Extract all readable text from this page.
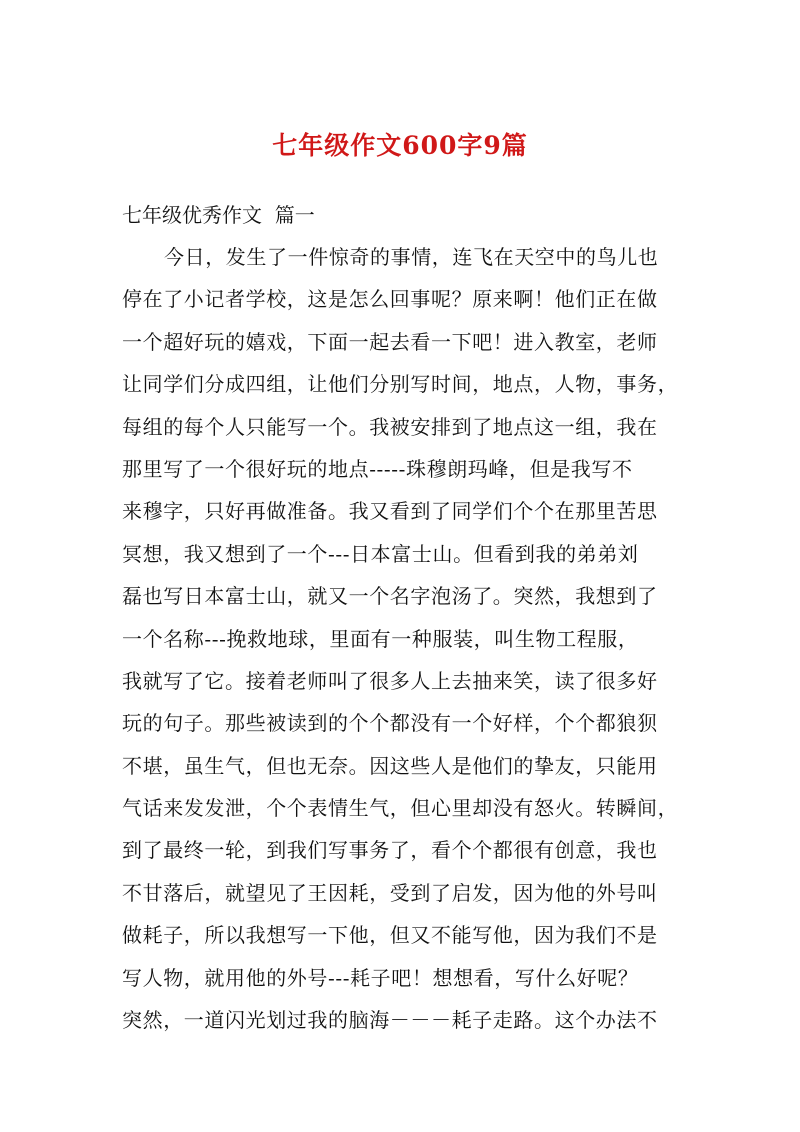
七年级作文600字9篇
七年级优秀作文  篇一
今日，发生了一件惊奇的事情，连飞在天空中的鸟儿也
停在了小记者学校，这是怎么回事呢？原来啊！他们正在做
一个超好玩的嬉戏，下面一起去看一下吧！进入教室，老师
让同学们分成四组，让他们分别写时间，地点，人物，事务，
每组的每个人只能写一个。我被安排到了地点这一组，我在
那里写了一个很好玩的地点-----珠穆朗玛峰，但是我写不
来穆字，只好再做准备。我又看到了同学们个个在那里苦思
冥想，我又想到了一个---日本富士山。但看到我的弟弟刘
磊也写日本富士山，就又一个名字泡汤了。突然，我想到了
一个名称---挽救地球，里面有一种服装，叫生物工程服，
我就写了它。接着老师叫了很多人上去抽来笑，读了很多好
玩的句子。那些被读到的个个都没有一个好样，个个都狼狈
不堪，虽生气，但也无奈。因这些人是他们的挚友，只能用
气话来发发泄，个个表情生气，但心里却没有怒火。转瞬间，
到了最终一轮，到我们写事务了，看个个都很有创意，我也
不甘落后，就望见了王因耗，受到了启发，因为他的外号叫
做耗子，所以我想写一下他，但又不能写他，因为我们不是
写人物，就用他的外号---耗子吧！想想看，写什么好呢？
突然，一道闪光划过我的脑海－－－耗子走路。这个办法不
